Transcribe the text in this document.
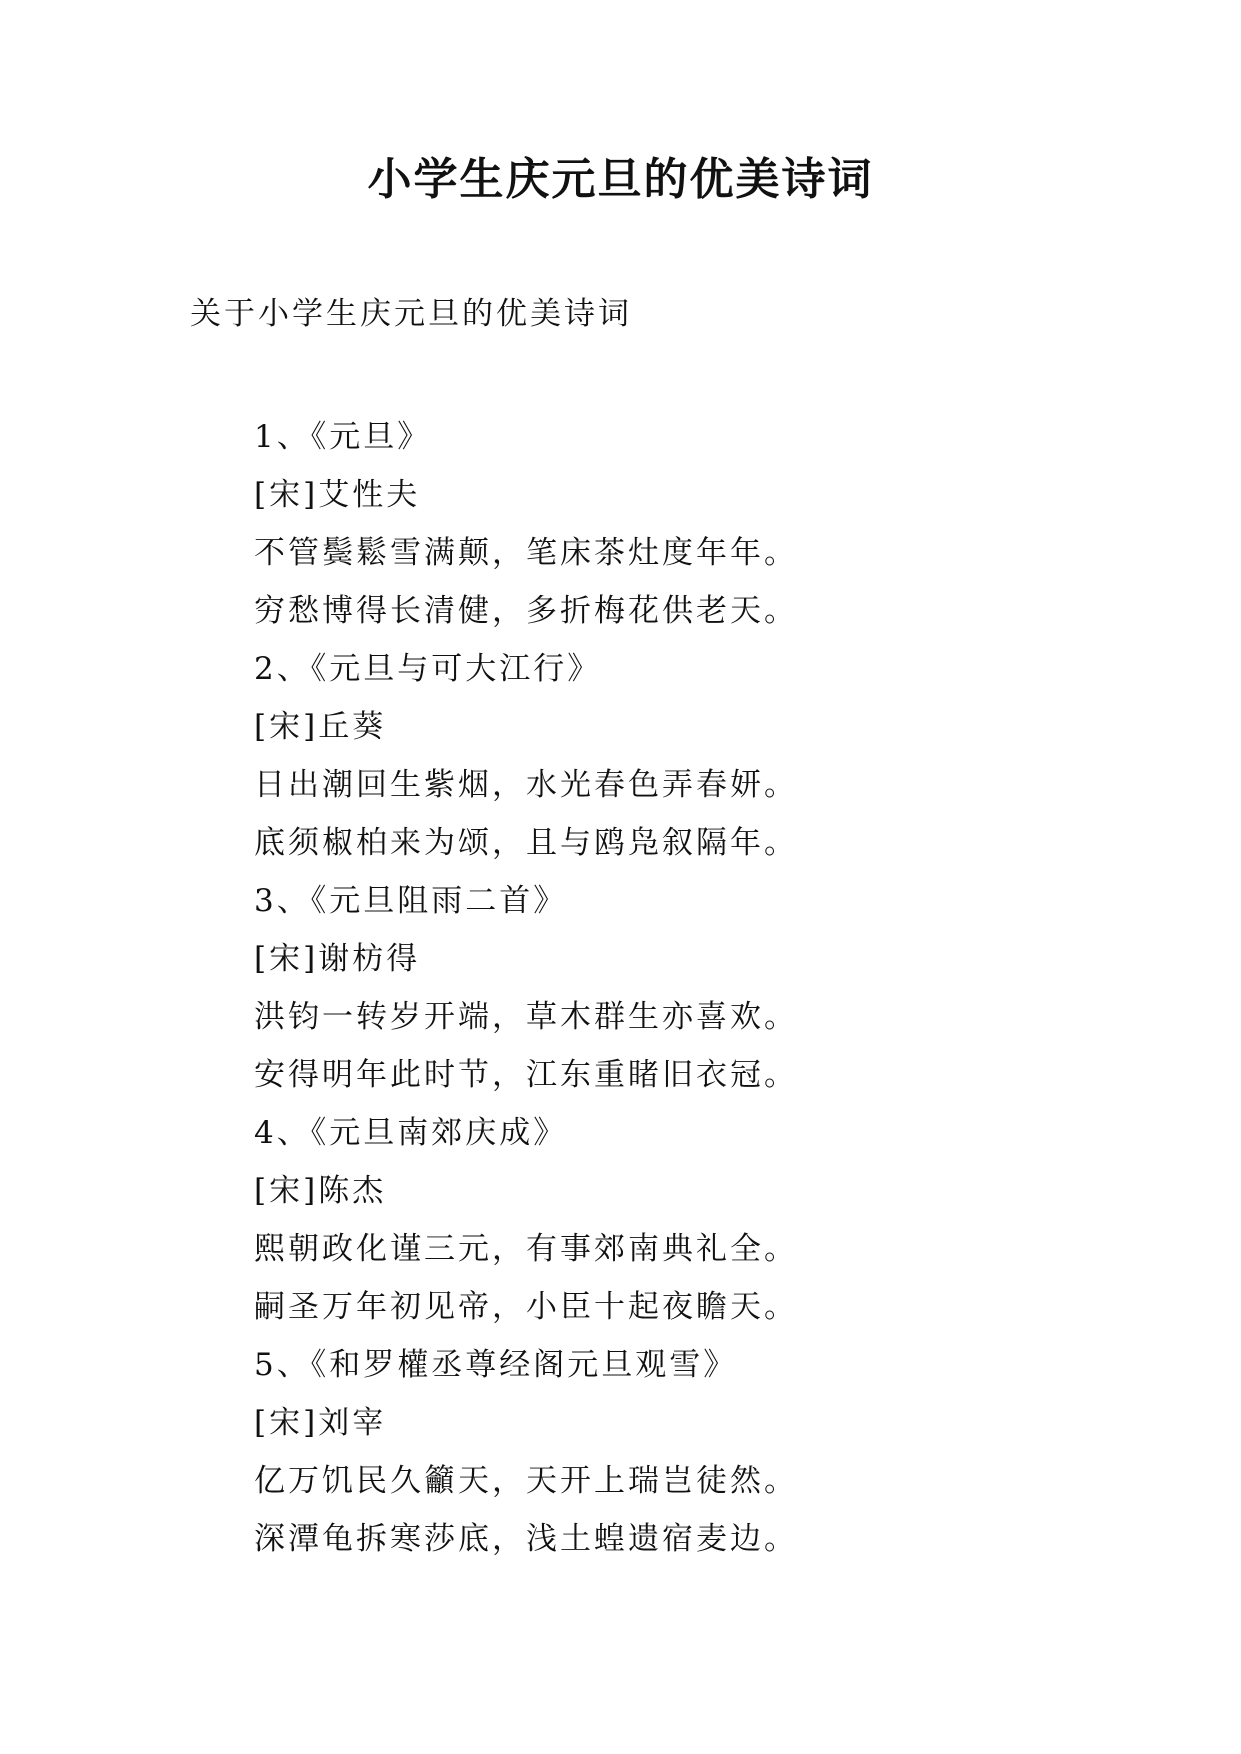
小学生庆元旦的优美诗词
关于小学生庆元旦的优美诗词
1、《元旦》
[宋]艾性夫
不管鬓鬆雪满颠，笔床茶灶度年年。
穷愁博得长清健，多折梅花供老天。
2、《元旦与可大江行》
[宋]丘葵
日出潮回生紫烟，水光春色弄春妍。
底须椒柏来为颂，且与鸥凫叙隔年。
3、《元旦阻雨二首》
[宋]谢枋得
洪钧一转岁开端，草木群生亦喜欢。
安得明年此时节，江东重睹旧衣冠。
4、《元旦南郊庆成》
[宋]陈杰
熙朝政化谨三元，有事郊南典礼全。
嗣圣万年初见帝，小臣十起夜瞻天。
5、《和罗權丞尊经阁元旦观雪》
[宋]刘宰
亿万饥民久籲天，天开上瑞岂徒然。
深潭龟拆寒莎底，浅土蝗遗宿麦边。
